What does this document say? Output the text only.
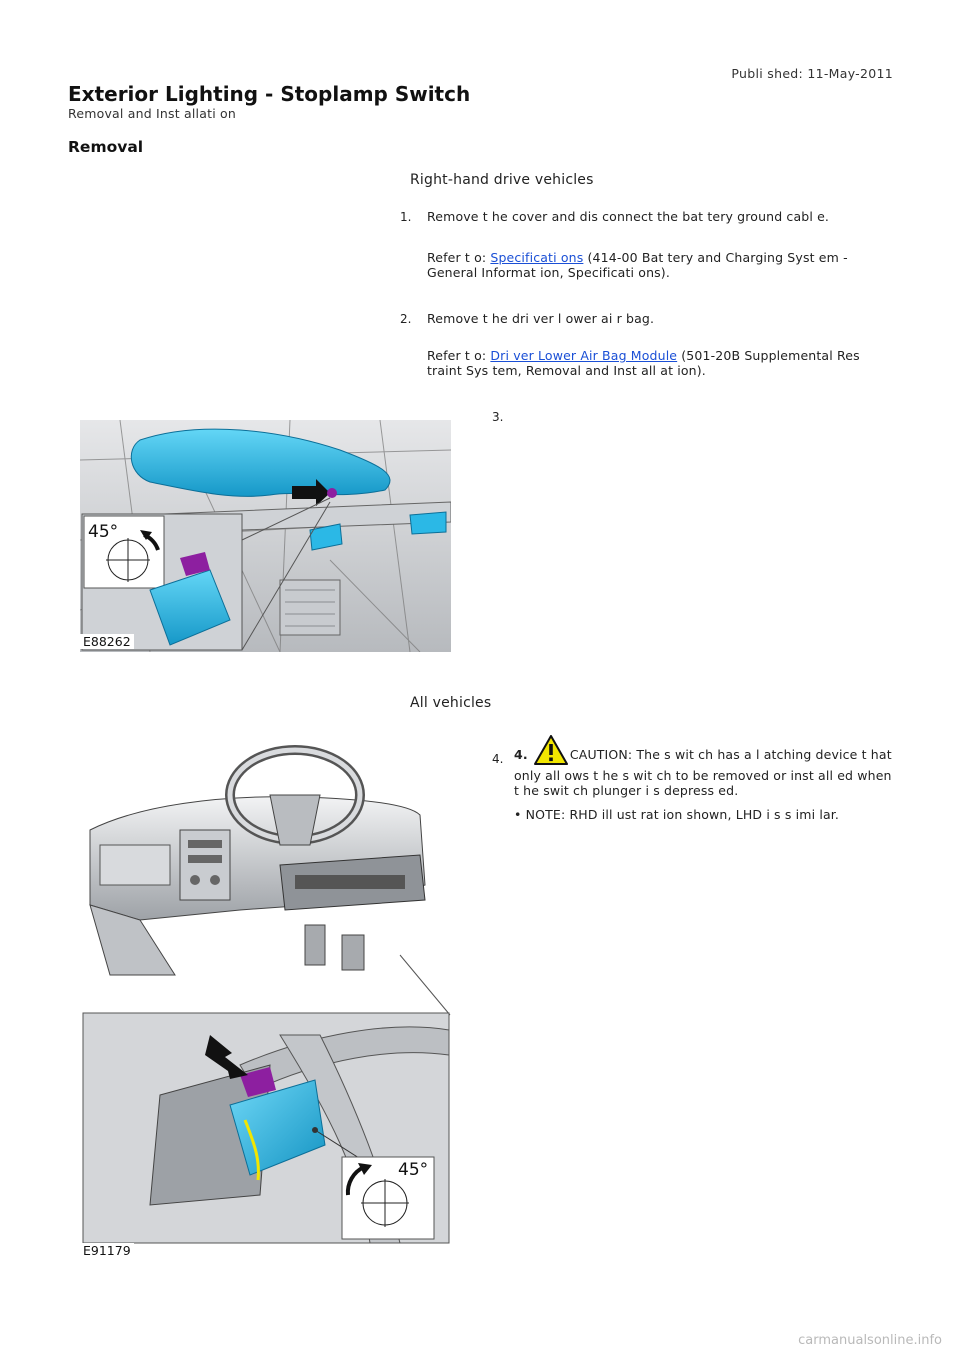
Publi shed: 11-May-2011
Exterior Lighting - Stoplamp Switch
Removal and Inst allati on
Removal
Right-hand drive vehicles
1. Remove t he cover and dis connect the bat tery ground cabl e.
Refer t o: Specificati ons (414-00 Bat tery and Charging Syst em - General Informat ion, Specificati ons).
2. Remove t he dri ver l ower ai r bag.
Refer t o: Dri ver Lower Air Bag Module (501-20B Supplemental Res traint Sys tem, Removal and Inst all at ion).
3.
45°
E88262
All vehicles
4. 4.	CAUTION: The s wit ch has a l atching device t hat only all ows t he s wit ch to be removed or inst all ed when t he swit ch plunger i s depress ed.
• NOTE: RHD ill ust rat ion shown, LHD i s s imi lar.
45°
E91179
carmanualsonline.info
